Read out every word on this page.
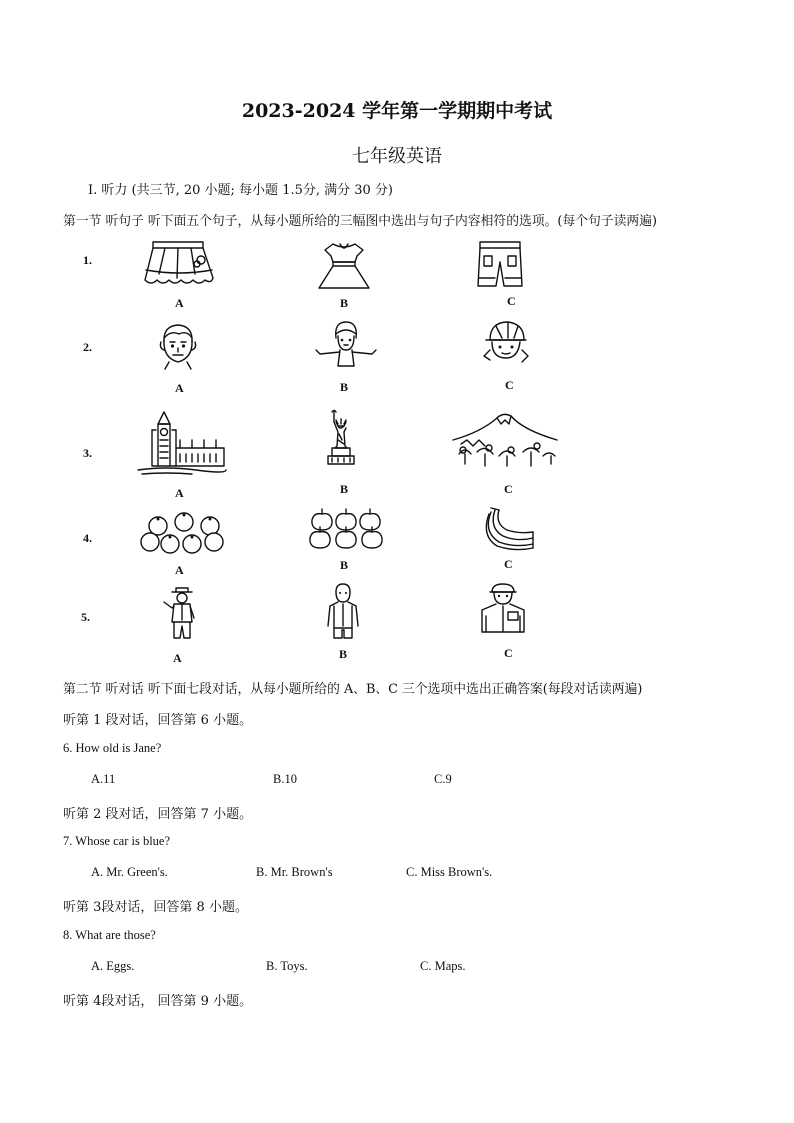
2023-2024 学年第一学期期中考试
七年级英语
I. 听力 (共三节, 20 小题; 每小题 1.5分, 满分 30 分)
第一节 听句子 听下面五个句子，从每小题所给的三幅图中选出与句子内容相符的选项。(每个句子读两遍)
1.
A	B	C
2.
A	B	C
3.
A	B	C
4.
A	B	C
5.
A	B	C
第二节 听对话 听下面七段对话，从每小题所给的 A、B、C 三个选项中选出正确答案(每段对话读两遍)
听第 1 段对话，回答第 6 小题。
6. How old is Jane?
A.11	B.10	C.9
听第 2 段对话，回答第 7 小题。
7. Whose car is blue?
A. Mr. Green's.	B. Mr. Brown's	C. Miss Brown's.
听第 3段对话，回答第 8 小题。
8. What are those?
A. Eggs.	B. Toys.	C. Maps.
听第 4段对话， 回答第 9 小题。
